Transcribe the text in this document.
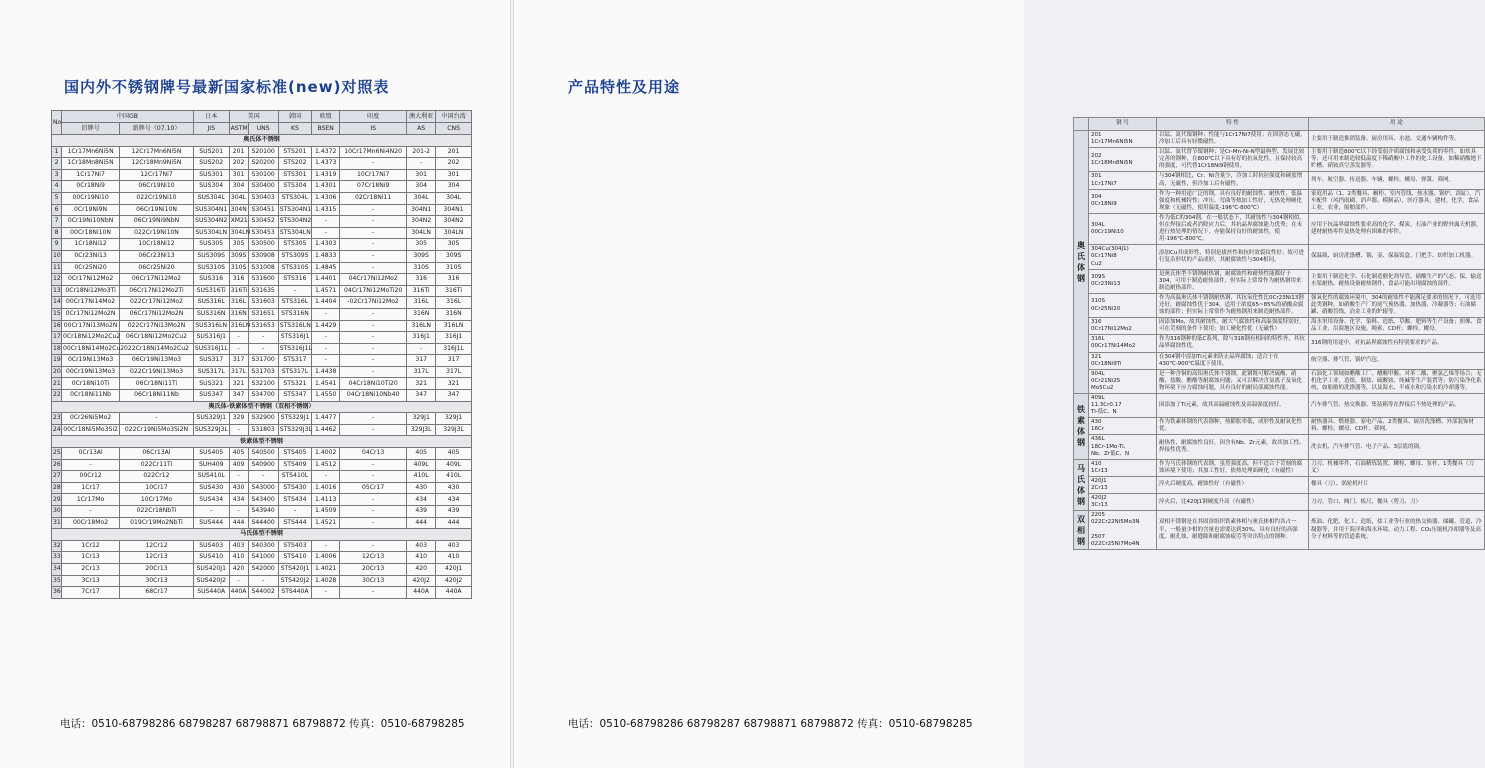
国内外不锈钢牌号最新国家标准(new)对照表
No	中国GB		日本	美国		韩国	欧盟	印度	澳大利亚	中国台湾
	旧牌号	新牌号（07.10）	JIS	ASTM	UNS	KS	BSEN	IS	AS	CNS
奥氏体不锈钢										
1	1Cr17Mn6Ni5N	12Cr17Mn6Ni5N	SUS201	201	S20100	STS201	1.4372	10Cr17Mn6Ni4N20	201-2	201
2	1Cr18Mn8Ni5N	12Cr18Mn9Ni5N	SUS202	202	S20200	STS202	1.4373	-	-	202
3	1Cr17Ni7	12Cr17Ni7	SUS301	301	S30100	STS301	1.4319	10Cr17Ni7	301	301
4	0Cr18Ni9	06Cr19Ni10	SUS304	304	S30400	STS304	1.4301	07Cr18Ni9	304	304
5	00Cr19Ni10	022Cr19Ni10	SUS304L	304L	S30403	STS304L	1.4306	02Cr18Ni11	304L	304L
6	0Cr19Ni9N	06Cr19Ni10N	SUS304N1	304N	S30451	STS304N1	1.4315	-	304N1	304N1
7	0Cr19Ni10NbN	06Cr19Ni9NbN	SUS304N2	XM21	S30452	STS304N2	-	-	304N2	304N2
8	00Cr18Ni10N	022Cr19Ni10N	SUS304LN	304LN	S30453	STS304LN	-	-	304LN	304LN
9	1Cr18Ni12	10Cr18Ni12	SUS305	305	S30500	STS305	1.4303	-	305	305
10	0Cr23Ni13	06Cr23Ni13	SUS309S	309S	S30908	STS309S	1.4833	-	309S	309S
11	0Cr25Ni20	06Cr25Ni20	SUS310S	310S	S31008	STS310S	1.4845	-	310S	310S
12	0Cr17Ni12Mo2	06Cr17Ni12Mo2	SUS316	316	S31600	STS316	1.4401	04Cr17Ni12Mo2	316	316
13	0Cr18Ni12Mo3Ti	06Cr17Ni12Mo2Ti	SUS316Ti	316Ti	S31635	-	1.4571	04Cr17Ni12MoTi20	316Ti	316Ti
14	00Cr17Ni14Mo2	022Cr17Ni12Mo2	SUS316L	316L	S31603	STS316L	1.4404	-02Cr17Ni12Mo2	316L	316L
15	0Cr17Ni12Mo2N	06Cr17Ni12Mo2N	SUS316N	316N	S31651	STS316N	-	-	316N	316N
16	00Cr17Ni13Mo2N	022Cr17Ni13Mo2N	SUS316LN	316LN	S31653	STS316LN	1.4429	-	316LN	316LN
17	0Cr18Ni12Mo2Cu2	06Cr18Ni12Mo2Cu2	SUS316J1	-	-	STS316J1	-	-	316J1	316J1
18	00Cr18Ni14Mo2Cu2	022Cr18Ni14Mo2Cu2	SUS316J1L	-	-	STS316J1L	-	-	-	316J1L
19	0Cr19Ni13Mo3	06Cr19Ni13Mo3	SUS317	317	S31700	STS317	-	-	317	317
20	00Cr19Ni13Mo3	022Cr19Ni13Mo3	SUS317L	317L	S31703	STS317L	1.4438	-	317L	317L
21	0Cr18Ni10Ti	06Cr18Ni11Ti	SUS321	321	S32100	STS321	1.4541	04Cr18Ni10Ti20	321	321
22	0Cr18Ni11Nb	06Cr18Ni11Nb	SUS347	347	S34700	STS347	1.4550	04Cr18Ni10Nb40	347	347
奥氏体-铁素体型不锈钢（双相不锈钢）										
23	0Cr26Ni5Mo2	-	SUS329J1	329	S32900	STS329J1	1.4477	-	329J1	329J1
24	00Cr18Ni5Mo3Si2	022Cr19Ni5Mo3Si2N	SUS329J3L	-	S31803	STS329J3L	1.4462	-	329J3L	329J3L
铁素体型不锈钢										
25	0Cr13Al	06Cr13Al	SUS405	405	S40500	STS405	1.4002	04Cr13	405	405
26	-	022Cr11Ti	SUH409	409	S40900	STS409	1.4512	-	409L	409L
27	00Cr12	022Cr12	SUS410L	-	-	STS410L	-	-	410L	410L
28	1Cr17	10Cr17	SUS430	430	S43000	STS430	1.4016	05Cr17	430	430
29	1Cr17Mo	10Cr17Mo	SUS434	434	S43400	STS434	1.4113	-	434	434
30	-	022Cr18NbTi	-	-	S43940	-	1.4509	-	439	439
31	00Cr18Mo2	019Cr19Mo2NbTi	SUS444	444	S44400	STS444	1.4521	-	444	444
马氏体型不锈钢										
32	1Cr12	12Cr12	SUS403	403	S40300	STS403	-	-	403	403
33	1Cr13	12Cr13	SUS410	410	S41000	STS410	1.4006	12Cr13	410	410
34	2Cr13	20Cr13	SUS420J1	420	S42000	STS420J1	1.4021	20Cr13	420	420J1
35	3Cr13	30Cr13	SUS420J2	-	-	STS420J2	1.4028	30Cr13	420J2	420J2
36	7Cr17	68Cr17	SUS440A	440A	S44002	STS440A	-	-	440A	440A
电话：0510-68798286 68798287 68798871 68798872 传真：0510-68798285
产品特性及用途
	钢 号	特 性	用 途
奥
氏
体
钢	201
1Cr17Mn6Ni5N	以锰、氮代镍钢种；性能与1Cr17Ni7使用；在固溶态无磁，冷加工后具有轻微磁性。	主要用于制造推销装备、厨房用具、水池、交通车辆构件等。
	202
1Cr18Mn8Ni5N	以锰、氮代替节镍钢种；是Cr-Mn-Ni-N型最典型、发展比较完善的钢种，在800℃以下具有好的抗氧化性，且保持较高的强度，可代替1Cr18Ni9钢使用。	主要用于制造800℃以下经受弱介质腐蚀和承受负荷的零件，如炊具等；还可用来制造较低温度下稀硝酸中工作的化工设备，如稀硝酸地下贮槽、硝铵真空蒸发器等。
	301
1Cr17Ni7	与304钢相比，Cr、Ni含量少，冷加工时抗拉强度和硬度增高，无磁性，但冷加工后有磁性。	列车、航空器、传送器、车辆、螺栓、螺母、弹簧、筛网。
	304
0Cr18Ni9	作为一种用途广泛的钢，具有良好的耐蚀性、耐热性，低温强度和机械特性；冲压、弯曲等热加工性好，无热处理硬化现象（无磁性，使用温度-196℃-800℃）	家庭用品（1、2类餐具、橱柜、室内管线、热水器、锅炉、浴缸），汽车配件（风挡雨刷、消声器、模制品），医疗器具，建材，化学，食品工业，农业，船舶部件。
	304L
00Cr19Ni10	作为低C的304钢，在一般状态下，其耐蚀性与304钢相似，但在焊接后或者消除应力后，其抗晶界腐蚀能力优秀；在未进行热处理的情况下，亦能保持良好的耐蚀性，使用-196℃-800℃。	应用于抗晶界腐蚀性要求高的化学、煤炭、石油产业的野外露天机器，建材耐热零件及热处理有困难的零件。
	304Cu(304J1)
0Cr17Ni8
Cu2	添加Cu其成形性，特别是拔丝性和抗时效裂纹性好；故可进行复杂形状的产品成形，其耐腐蚀性与304相同。	保温瓶、厨房洗涤槽、锅、壶、保温饭盒、门把手、纺织加工机器。
	309S
0Cr23Ni13	是奥氏体型不锈钢耐热钢，耐腐蚀性和耐热性能都好于304，可用于制造耐热部件，但实际上常常作为耐热钢用来制造耐热部件。	主要用于制造化学、石化制造催化剂导管、硝酸生产的气态、保、输送水渠耐热、耐热设备耐热钢件，食品可能出现腐蚀的部件。
	310S
0Cr25Ni20	作为高温奥氏体不锈钢耐热钢，其抗氧化性比0Cr23Ni13钢还好，耐腐蚀性优于304，适用于浓度65~85%的硝酸众腐蚀的部件；但实际上常常作为耐热钢用来制造耐热部件。	强氧化性的腐蚀环境中，304的耐蚀性不能满足要求的情况下，可选用此类钢种，如硝酸生产厂的尾气预热器、加热器、冷凝器等；石油储罐、硝酸管线，冶金工业的炉辊等。
	316
0Cr17Ni12Mo2	因添加Mo，故其耐蚀性、耐大气腐蚀性和高温强度特别好，可在苛刻的条件下使用；加工硬化性优（无磁性）	海水里用设备、化学、染料、造纸、草酸、肥料等生产设备；照像、食品工业、沿海地区设施、绳索、CD杆、螺栓、螺母。
	316L
00Cr17Ni14Mo2	作为316钢种的低C系列，除与316钢有相同的特性外，其抗晶界腐蚀性优。	316钢的用途中，对抗晶界腐蚀性有特别要求的产品。
	321
0Cr18Ni9Ti	在304钢中添加Ti元素来防止晶界腐蚀；适合于在430℃-900℃温度下使用。	航空器、排气管、锅炉汽包。
	904L
0Cr21Ni25
Mo5Cu2	是一种含铜的高铝奥氏体不锈钢，此钢既可解决硫酸、硝酸、盐酸、醋酸等耐腐蚀问题；又可以解决含氯离子及氧化物环境下应力腐蚀问题，具有良好的耐局部腐蚀性能。	石油化工领域如醋酸工厂、醋酸甲酸、对苯二酸、聚氯乙烯等场合；无机化学工业，造纸，制盐、硫酸铵、纯碱等生产装置等；防污染净化系统，如船舶的洗涤器等，以及海水、半咸水和污染水的冷却器等。
铁
素
体
钢	409L
11.3Cr0.17
Ti-低C、N	因添加了Ti元素，故其高温耐蚀性及高温强度较好。	汽车排气管、热交换器、集装箱等在焊接后不热处理的产品。
	430
16Cr	作为铁素体钢的代表钢种，热膨胀率低，成形性及耐氧化性优。	耐热器具、燃烧器、家电产品、2类餐具、厨房洗涤槽、外部装饰材料、螺栓、螺母、CD杆、筛网。
	436L
18Cr-1Mo-Ti、
Nb、Zr低C、N	耐热性、耐腐蚀性良好，因含有Nb、Zr元素，故其加工性、焊接性优秀。	洗衣机、汽车排气管、电子产品、3层底的锅。
马
氏
体
钢	410
1Cr13	作为马氏体钢的代表钢，虽然强度高，但不适合于苛刻的腐蚀环境下使用；其加工性好，依热处理面硬化（有磁性）	刀刃、机械零件、石油精炼装置、螺栓、螺母、泵杆、1类餐具（刀叉）
	420J1
2Cr13	淬火后硬度高，耐蚀性好（有磁性）	餐具（刀）、涡轮机叶片
	420J2
3Cr13	淬火后，比420J1钢硬度升高（有磁性）	刀刃、管口、阀门、板尺、餐具（剪刀、刀）
双
相
钢	2205
022Cr22Ni5Mo3N

2507
022Cr25Ni7Mo4N	双相不锈钢是在其固溶组织铁素体相与奥氏体相约各占一半，一般量少相的含量也需要达到30%，具有良好的高强度、耐孔蚀、耐缝隙和耐腐蚀疲劳等突出特点的钢种。	炼油、化肥、化工、造纸、盐工业等行业的热交换器、储罐、管道、冷凝器等，并用于海洋和海水环境、动力工程、CO₂压缩机冷却器等及高分子材料等的管道系统。
电话：0510-68798286 68798287 68798871 68798872 传真：0510-68798285
